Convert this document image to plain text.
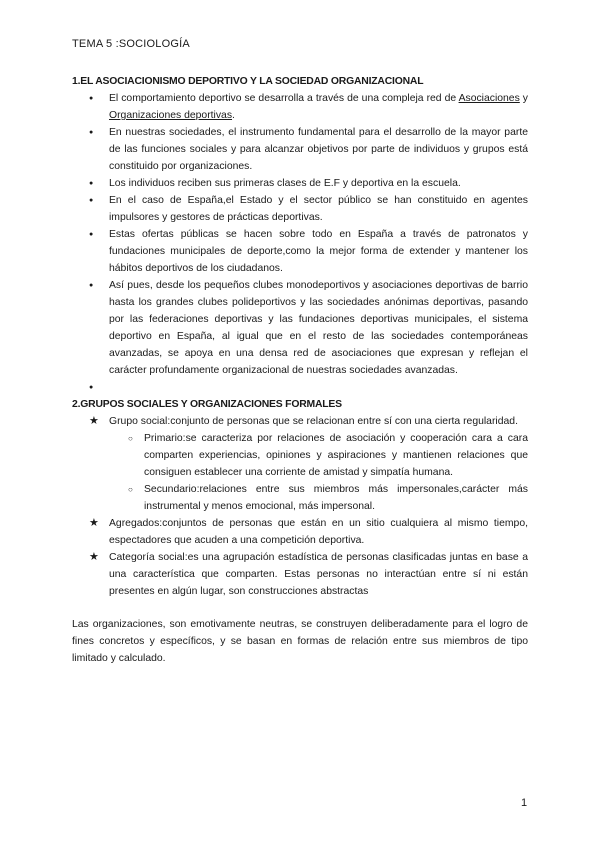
TEMA 5 :SOCIOLOGÍA

1.EL ASOCIACIONISMO DEPORTIVO Y LA SOCIEDAD ORGANIZACIONAL

● El comportamiento deportivo se desarrolla a través de una compleja red de Asociaciones y Organizaciones deportivas.
● En nuestras sociedades, el instrumento fundamental para el desarrollo de la mayor parte de las funciones sociales y para alcanzar objetivos por parte de individuos y grupos está constituido por organizaciones.
● Los individuos reciben sus primeras clases de E.F y deportiva en la escuela.
● En el caso de España,el Estado y el sector público se han constituido en agentes impulsores y gestores de prácticas deportivas.
● Estas ofertas públicas se hacen sobre todo en España a través de patronatos y fundaciones municipales de deporte,como la mejor forma de extender y mantener los hábitos deportivos de los ciudadanos.
● Así pues, desde los pequeños clubes monodeportivos y asociaciones deportivas de barrio hasta los grandes clubes polideportivos y las sociedades anónimas deportivas, pasando por las federaciones deportivas y las fundaciones deportivas municipales, el sistema deportivo en España, al igual que en el resto de las sociedades contemporáneas avanzadas, se apoya en una densa red de asociaciones que expresan y reflejan el carácter profundamente organizacional de nuestras sociedades avanzadas.
●

2.GRUPOS SOCIALES Y ORGANIZACIONES FORMALES

★ Grupo social:conjunto de personas que se relacionan entre sí con una cierta regularidad.
○ Primario:se caracteriza por relaciones de asociación y cooperación cara a cara comparten experiencias, opiniones y aspiraciones y mantienen relaciones que consiguen establecer una corriente de amistad y simpatía humana.
○ Secundario:relaciones entre sus miembros más impersonales,carácter más instrumental y menos emocional, más impersonal.
★ Agregados:conjuntos de personas que están en un sitio cualquiera al mismo tiempo, espectadores que acuden a una competición deportiva.
★ Categoría social:es una agrupación estadística de personas clasificadas juntas en base a una característica que comparten. Estas personas no interactúan entre sí ni están presentes en algún lugar, son construcciones abstractas

Las organizaciones, son emotivamente neutras, se construyen deliberadamente para el logro de fines concretos y específicos, y se basan en formas de relación entre sus miembros de tipo limitado y calculado.

1
